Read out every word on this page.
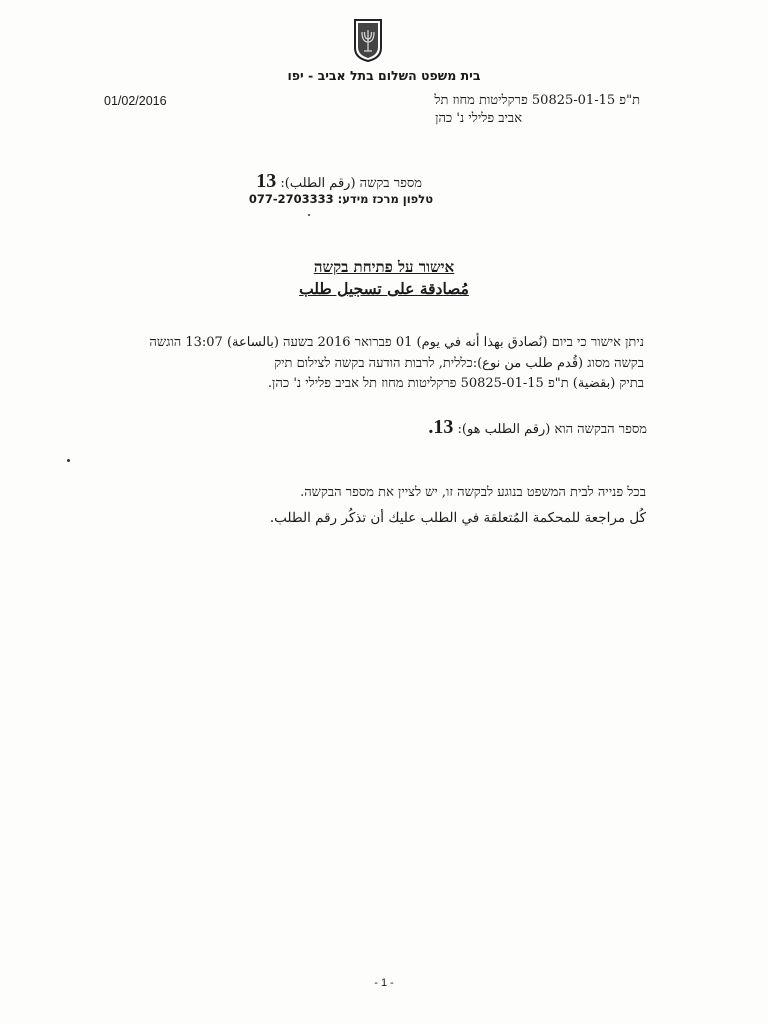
בית משפט השלום בתל אביב - יפו
01/02/2016	ת"פ 50825-01-15 פרקליטות מחוז תל
אביב פלילי נ' כהן
מספר בקשה (رقم الطلب): 13
טלפון מרכז מידע: 077-2703333
אישור על פתיחת בקשה
مُصادقة على تسجيل طلب
ניתן אישור כי ביום (نُصادق بهذا أنه في يوم) 01 פברואר 2016 בשעה (بالساعة) 13:07 הוגשה
בקשה מסוג (قُدم طلب من نوع):כללית, לרבות הודעה בקשה לצילום תיק
בתיק (بقضية) ת"פ 50825-01-15 פרקליטות מחוז תל אביב פלילי נ' כהן.
מספר הבקשה הוא (رقم الطلب هو): 13.
בכל פנייה לבית המשפט בנוגע לבקשה זו, יש לציין את מספר הבקשה.
كُل مراجعة للمحكمة المُتعلقة في الطلب عليك أن تذكُر رقم الطلب.
- 1 -
